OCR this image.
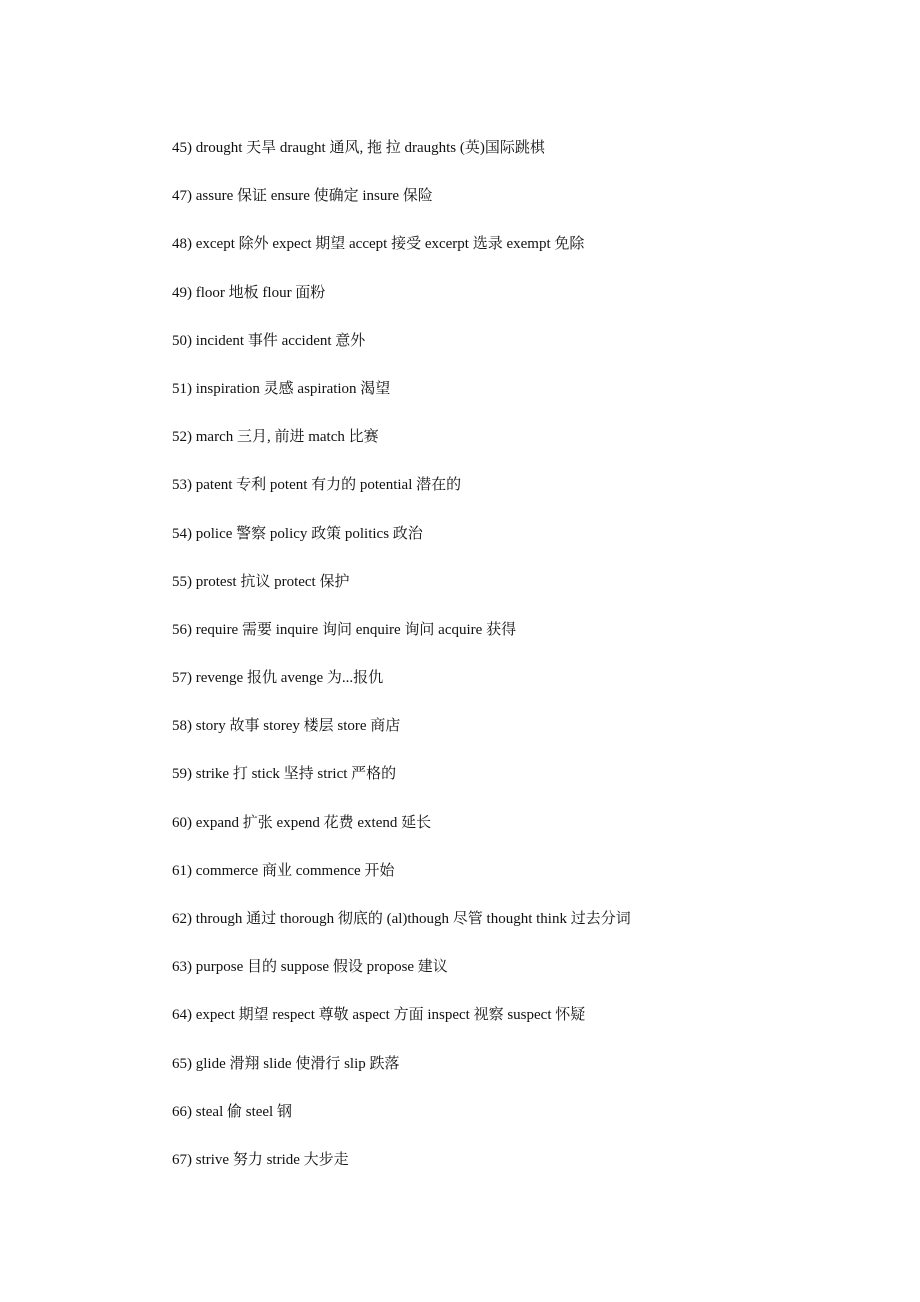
45) drought 天旱 draught 通风, 拖 拉 draughts (英)国际跳棋
47) assure 保证 ensure 使确定 insure 保险
48) except 除外 expect 期望 accept 接受 excerpt 选录 exempt 免除
49) floor 地板 flour 面粉
50) incident 事件 accident 意外
51) inspiration 灵感 aspiration 渴望
52) march 三月, 前进 match 比赛
53) patent 专利 potent 有力的 potential 潜在的
54) police 警察 policy 政策 politics 政治
55) protest 抗议 protect 保护
56) require 需要 inquire 询问 enquire 询问 acquire 获得
57) revenge 报仇 avenge 为...报仇
58) story 故事 storey 楼层 store 商店
59) strike 打 stick 坚持 strict 严格的
60) expand 扩张 expend 花费 extend 延长
61) commerce 商业 commence 开始
62) through 通过 thorough 彻底的 (al)though 尽管 thought think 过去分词
63) purpose 目的 suppose 假设 propose 建议
64) expect 期望 respect 尊敬 aspect 方面 inspect 视察 suspect 怀疑
65) glide 滑翔 slide 使滑行 slip 跌落
66) steal 偷 steel 钢
67) strive 努力 stride 大步走
